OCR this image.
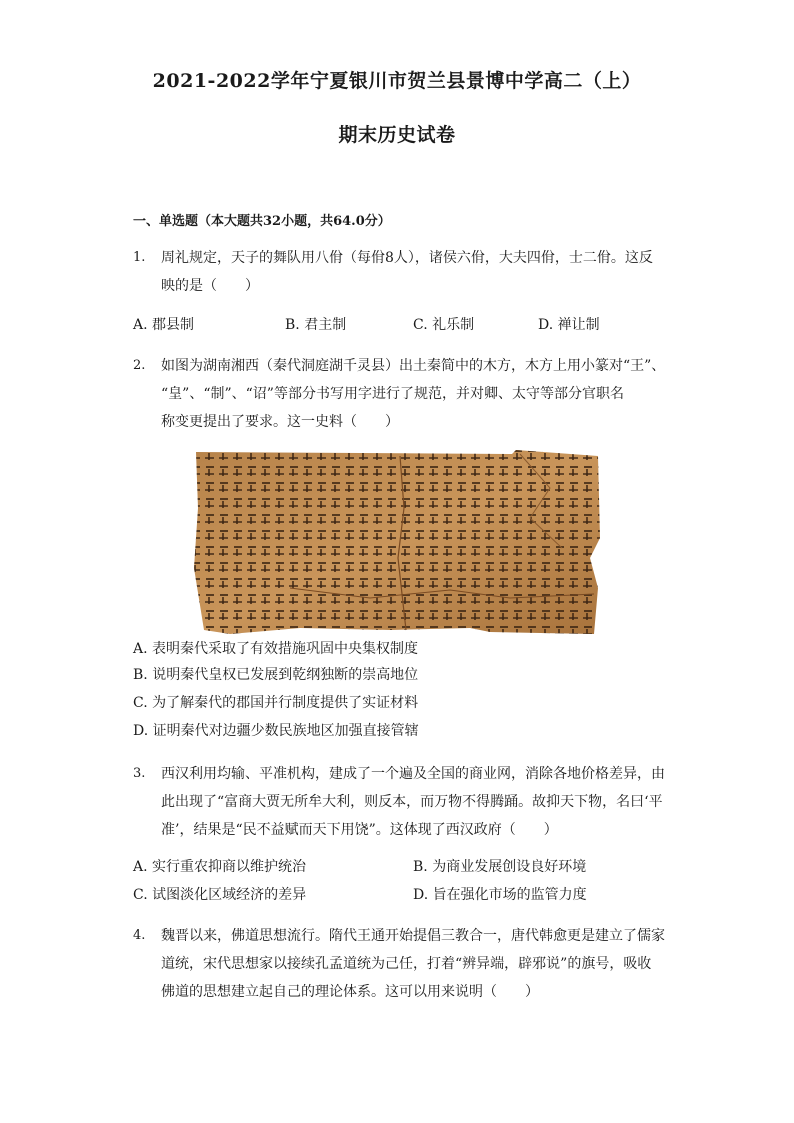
2021-2022学年宁夏银川市贺兰县景博中学高二（上）
期末历史试卷
一、单选题（本大题共32小题，共64.0分）
1.	周礼规定，天子的舞队用八佾（每佾8人），诸侯六佾，大夫四佾，士二佾。这反
映的是（　　）
A. 郡县制	B. 君主制	C. 礼乐制	D. 禅让制
2.	如图为湖南湘西（秦代洞庭湖千灵县）出土秦简中的木方，木方上用小篆对“王”、
“皇”、“制”、“诏”等部分书写用字进行了规范，并对卿、太守等部分官职名
称变更提出了要求。这一史料（　　）
A. 表明秦代采取了有效措施巩固中央集权制度
B. 说明秦代皇权已发展到乾纲独断的崇高地位
C. 为了解秦代的郡国并行制度提供了实证材料
D. 证明秦代对边疆少数民族地区加强直接管辖
3.	西汉利用均输、平准机构，建成了一个遍及全国的商业网，消除各地价格差异，由
此出现了“富商大贾无所牟大利，则反本，而万物不得腾踊。故抑天下物，名曰‘平
准’，结果是“民不益赋而天下用饶”。这体现了西汉政府（　　）
A. 实行重农抑商以维护统治	B. 为商业发展创设良好环境
C. 试图淡化区域经济的差异	D. 旨在强化市场的监管力度
4.	魏晋以来，佛道思想流行。隋代王通开始提倡三教合一，唐代韩愈更是建立了儒家
道统，宋代思想家以接续孔孟道统为己任，打着“辨异端，辟邪说”的旗号，吸收
佛道的思想建立起自己的理论体系。这可以用来说明（　　）
